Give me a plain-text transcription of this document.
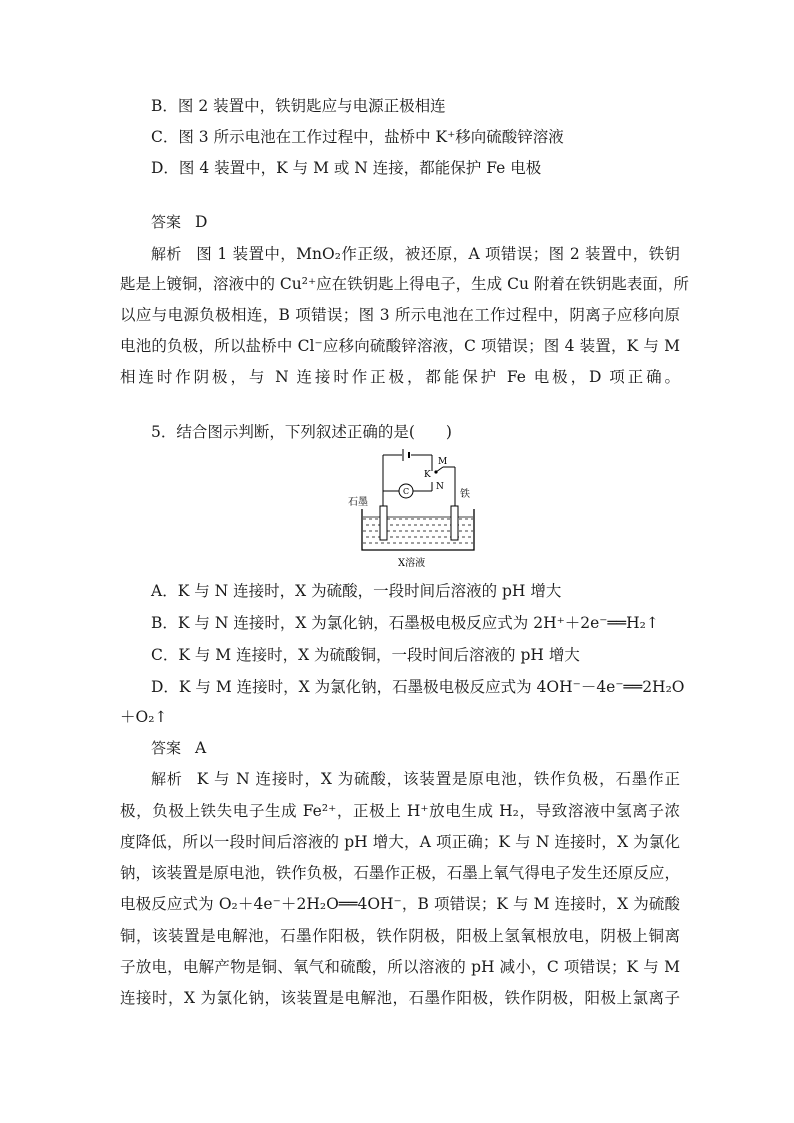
B．图 2 装置中，铁钥匙应与电源正极相连
C．图 3 所示电池在工作过程中，盐桥中 K⁺移向硫酸锌溶液
D．图 4 装置中，K 与 M 或 N 连接，都能保护 Fe 电极
答案 D
解析 图 1 装置中，MnO₂作正级，被还原，A 项错误；图 2 装置中，铁钥
匙是上镀铜，溶液中的 Cu²⁺应在铁钥匙上得电子，生成 Cu 附着在铁钥匙表面，所
以应与电源负极相连，B 项错误；图 3 所示电池在工作过程中，阴离子应移向原
电池的负极，所以盐桥中 Cl⁻应移向硫酸锌溶液，C 项错误；图 4 装置，K 与 M
相连时作阴极，与 N 连接时作正极，都能保护 Fe 电极，D 项正确。
5．结合图示判断，下列叙述正确的是(　　)
M
K
N
C
石墨
铁
X溶液
A．K 与 N 连接时，X 为硫酸，一段时间后溶液的 pH 增大
B．K 与 N 连接时，X 为氯化钠，石墨极电极反应式为 2H⁺＋2e⁻══H₂↑
C．K 与 M 连接时，X 为硫酸铜，一段时间后溶液的 pH 增大
D．K 与 M 连接时，X 为氯化钠，石墨极电极反应式为 4OH⁻－4e⁻══2H₂O
＋O₂↑
答案 A
解析 K 与 N 连接时，X 为硫酸，该装置是原电池，铁作负极，石墨作正
极，负极上铁失电子生成 Fe²⁺，正极上 H⁺放电生成 H₂，导致溶液中氢离子浓
度降低，所以一段时间后溶液的 pH 增大，A 项正确；K 与 N 连接时，X 为氯化
钠，该装置是原电池，铁作负极，石墨作正极，石墨上氧气得电子发生还原反应，
电极反应式为 O₂＋4e⁻＋2H₂O══4OH⁻，B 项错误；K 与 M 连接时，X 为硫酸
铜，该装置是电解池，石墨作阳极，铁作阴极，阳极上氢氧根放电，阴极上铜离
子放电，电解产物是铜、氧气和硫酸，所以溶液的 pH 减小，C 项错误；K 与 M
连接时，X 为氯化钠，该装置是电解池，石墨作阳极，铁作阴极，阳极上氯离子
